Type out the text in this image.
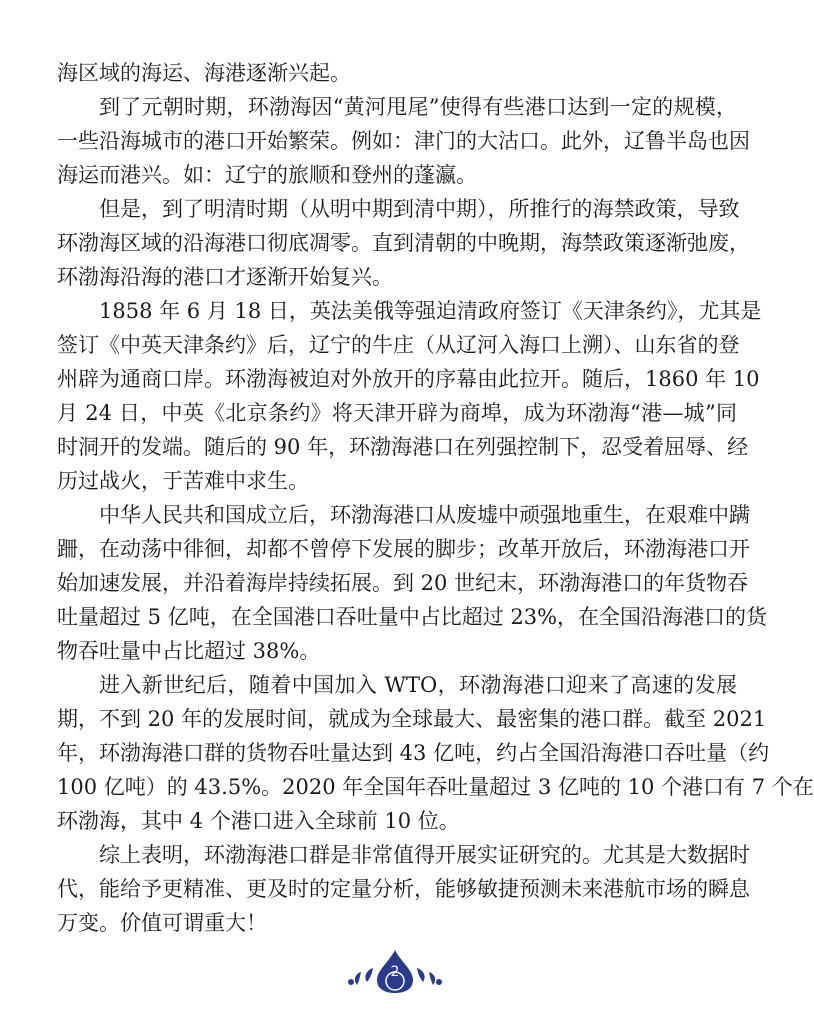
海区域的海运、海港逐渐兴起。

到了元朝时期，环渤海因“黄河甩尾”使得有些港口达到一定的规模，

一些沿海城市的港口开始繁荣。例如：津门的大沽口。此外，辽鲁半岛也因

海运而港兴。如：辽宁的旅顺和登州的蓬瀛。

但是，到了明清时期（从明中期到清中期），所推行的海禁政策，导致

环渤海区域的沿海港口彻底凋零。直到清朝的中晚期，海禁政策逐渐弛废，

环渤海沿海的港口才逐渐开始复兴。

1858 年 6 月 18 日，英法美俄等强迫清政府签订《天津条约》，尤其是

签订《中英天津条约》后，辽宁的牛庄（从辽河入海口上溯）、山东省的登

州辟为通商口岸。环渤海被迫对外放开的序幕由此拉开。随后，1860 年 10

月 24 日，中英《北京条约》将天津开辟为商埠，成为环渤海“港—城”同

时洞开的发端。随后的 90 年，环渤海港口在列强控制下，忍受着屈辱、经

历过战火，于苦难中求生。

中华人民共和国成立后，环渤海港口从废墟中顽强地重生，在艰难中蹒

跚，在动荡中徘徊，却都不曾停下发展的脚步；改革开放后，环渤海港口开

始加速发展，并沿着海岸持续拓展。到 20 世纪末，环渤海港口的年货物吞

吐量超过 5 亿吨，在全国港口吞吐量中占比超过 23%，在全国沿海港口的货

物吞吐量中占比超过 38%。

进入新世纪后，随着中国加入 WTO，环渤海港口迎来了高速的发展

期，不到 20 年的发展时间，就成为全球最大、最密集的港口群。截至 2021

年，环渤海港口群的货物吞吐量达到 43 亿吨，约占全国沿海港口吞吐量（约

100 亿吨）的 43.5%。2020 年全国年吞吐量超过 3 亿吨的 10 个港口有 7 个在

环渤海，其中 4 个港口进入全球前 10 位。

综上表明，环渤海港口群是非常值得开展实证研究的。尤其是大数据时

代，能给予更精准、更及时的定量分析，能够敏捷预测未来港航市场的瞬息

万变。价值可谓重大！

2
